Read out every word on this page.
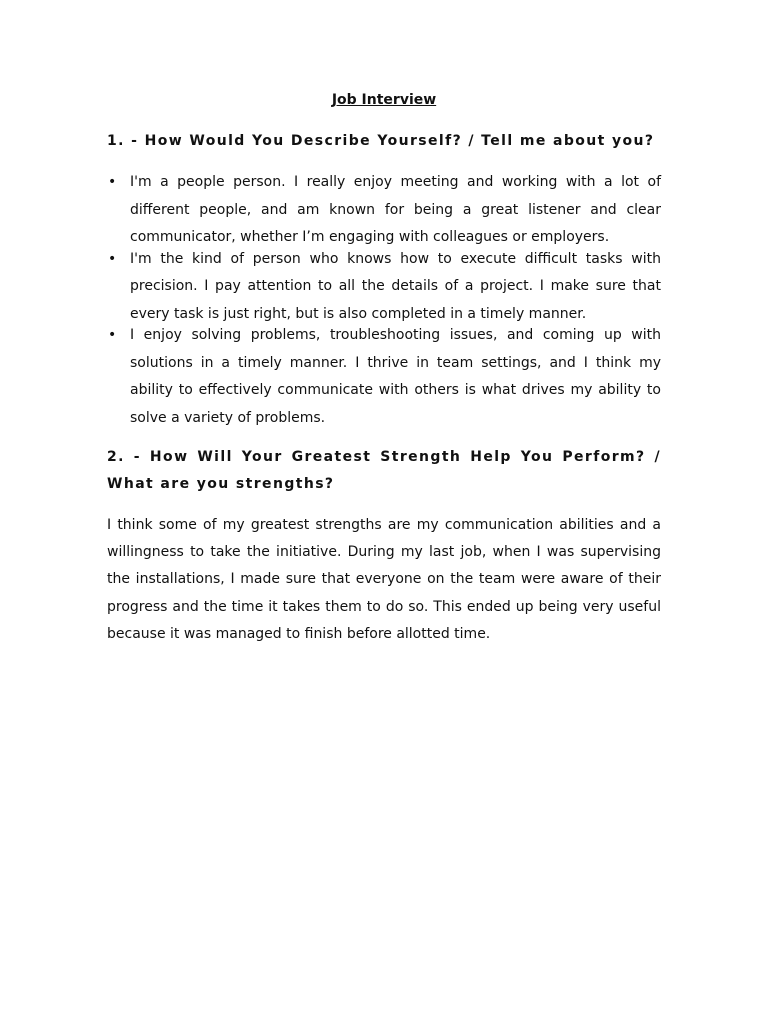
Job Interview

1. - How Would You Describe Yourself? / Tell me about you?

• I'm a people person. I really enjoy meeting and working with a lot of different people, and am known for being a great listener and clear communicator, whether I’m engaging with colleagues or employers.
• I'm the kind of person who knows how to execute difficult tasks with precision. I pay attention to all the details of a project. I make sure that every task is just right, but is also completed in a timely manner.
• I enjoy solving problems, troubleshooting issues, and coming up with solutions in a timely manner. I thrive in team settings, and I think my ability to effectively communicate with others is what drives my ability to solve a variety of problems.

2. - How Will Your Greatest Strength Help You Perform? / What are you strengths?

I think some of my greatest strengths are my communication abilities and a willingness to take the initiative. During my last job, when I was supervising the installations, I made sure that everyone on the team were aware of their progress and the time it takes them to do so. This ended up being very useful because it was managed to finish before allotted time.
